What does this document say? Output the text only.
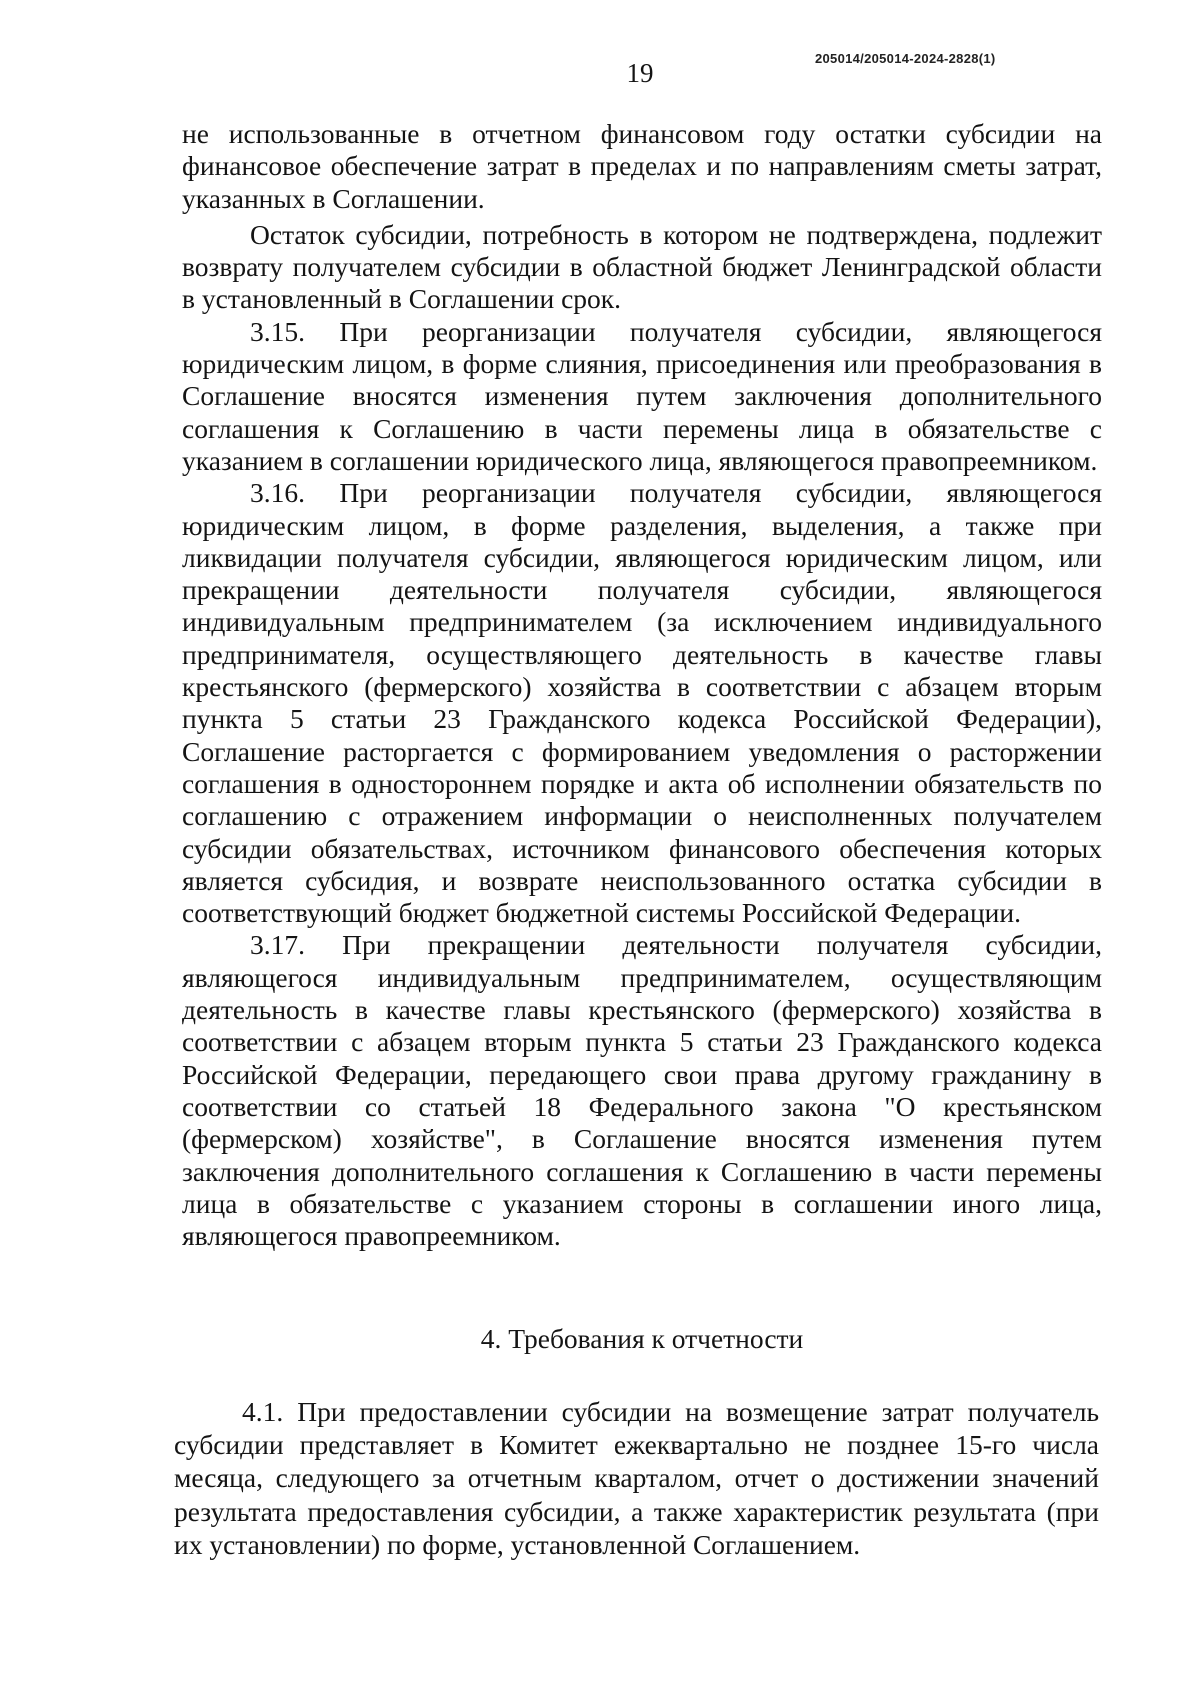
205014/205014-2024-2828(1)
19

не использованные в отчетном финансовом году остатки субсидии на финансовое обеспечение затрат в пределах и по направлениям сметы затрат, указанных в Соглашении.

Остаток субсидии, потребность в котором не подтверждена, подлежит возврату получателем субсидии в областной бюджет Ленинградской области в установленный в Соглашении срок.

3.15. При реорганизации получателя субсидии, являющегося юридическим лицом, в форме слияния, присоединения или преобразования в Соглашение вносятся изменения путем заключения дополнительного соглашения к Соглашению в части перемены лица в обязательстве с указанием в соглашении юридического лица, являющегося правопреемником.

3.16. При реорганизации получателя субсидии, являющегося юридическим лицом, в форме разделения, выделения, а также при ликвидации получателя субсидии, являющегося юридическим лицом, или прекращении деятельности получателя субсидии, являющегося индивидуальным предпринимателем (за исключением индивидуального предпринимателя, осуществляющего деятельность в качестве главы крестьянского (фермерского) хозяйства в соответствии с абзацем вторым пункта 5 статьи 23 Гражданского кодекса Российской Федерации), Соглашение расторгается с формированием уведомления о расторжении соглашения в одностороннем порядке и акта об исполнении обязательств по соглашению с отражением информации о неисполненных получателем субсидии обязательствах, источником финансового обеспечения которых является субсидия, и возврате неиспользованного остатка субсидии в соответствующий бюджет бюджетной системы Российской Федерации.

3.17. При прекращении деятельности получателя субсидии, являющегося индивидуальным предпринимателем, осуществляющим деятельность в качестве главы крестьянского (фермерского) хозяйства в соответствии с абзацем вторым пункта 5 статьи 23 Гражданского кодекса Российской Федерации, передающего свои права другому гражданину в соответствии со статьей 18 Федерального закона "О крестьянском (фермерском) хозяйстве", в Соглашение вносятся изменения путем заключения дополнительного соглашения к Соглашению в части перемены лица в обязательстве с указанием стороны в соглашении иного лица, являющегося правопреемником.

4. Требования к отчетности

4.1. При предоставлении субсидии на возмещение затрат получатель субсидии представляет в Комитет ежеквартально не позднее 15-го числа месяца, следующего за отчетным кварталом, отчет о достижении значений результата предоставления субсидии, а также характеристик результата (при их установлении) по форме, установленной Соглашением.
